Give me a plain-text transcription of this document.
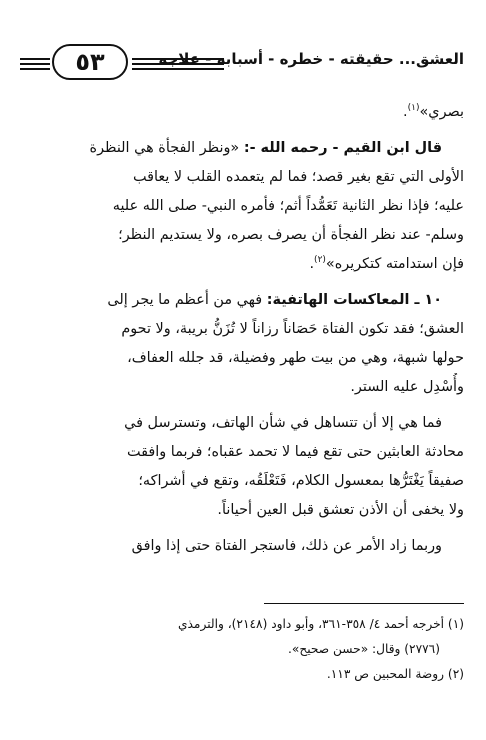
العشق... حقيقته - خطره - أسبابه - علاجه
٥٣
بصري»$^{(١)}$.
قال ابن القيم - رحمه الله -: «ونظر الفجأة هي النظرة
الأولى التي تقع بغير قصد؛ فما لم يتعمده القلب لا يعاقب
عليه؛ فإذا نظر الثانية تَعَمُّداً أثم؛ فأمره النبي- صلى الله عليه
وسلم- عند نظر الفجأة أن يصرف بصره، ولا يستديم النظر؛
فإن استدامته كتكريره»$^{(٢)}$.
١٠ ـ المعاكسات الهاتفية: فهي من أعظم ما يجر إلى
العشق؛ فقد تكون الفتاة حَصَاناً رزاناً لا تُزَنُّ بريبة، ولا تحوم
حولها شبهة، وهي من بيت طهر وفضيلة، قد جلله العفاف،
وأُسْدِل عليه الستر.
فما هي إلا أن تتساهل في شأن الهاتف، وتسترسل في
محادثة العابثين حتى تقع فيما لا تحمد عقباه؛ فربما وافقت
صفيقاً يَغْتَرُّها بمعسول الكلام، فَتَعْلَقُه، وتقع في أشراكه؛
ولا يخفى أن الأذن تعشق قبل العين أحياناً.
وربما زاد الأمر عن ذلك، فاستجر الفتاة حتى إذا وافق
(١) أخرجه أحمد ٤/ ٣٥٨-٣٦١، وأبو داود (٢١٤٨)، والترمذي
(٢٧٧٦) وقال: «حسن صحيح».
(٢) روضة المحبين ص ١١٣.
